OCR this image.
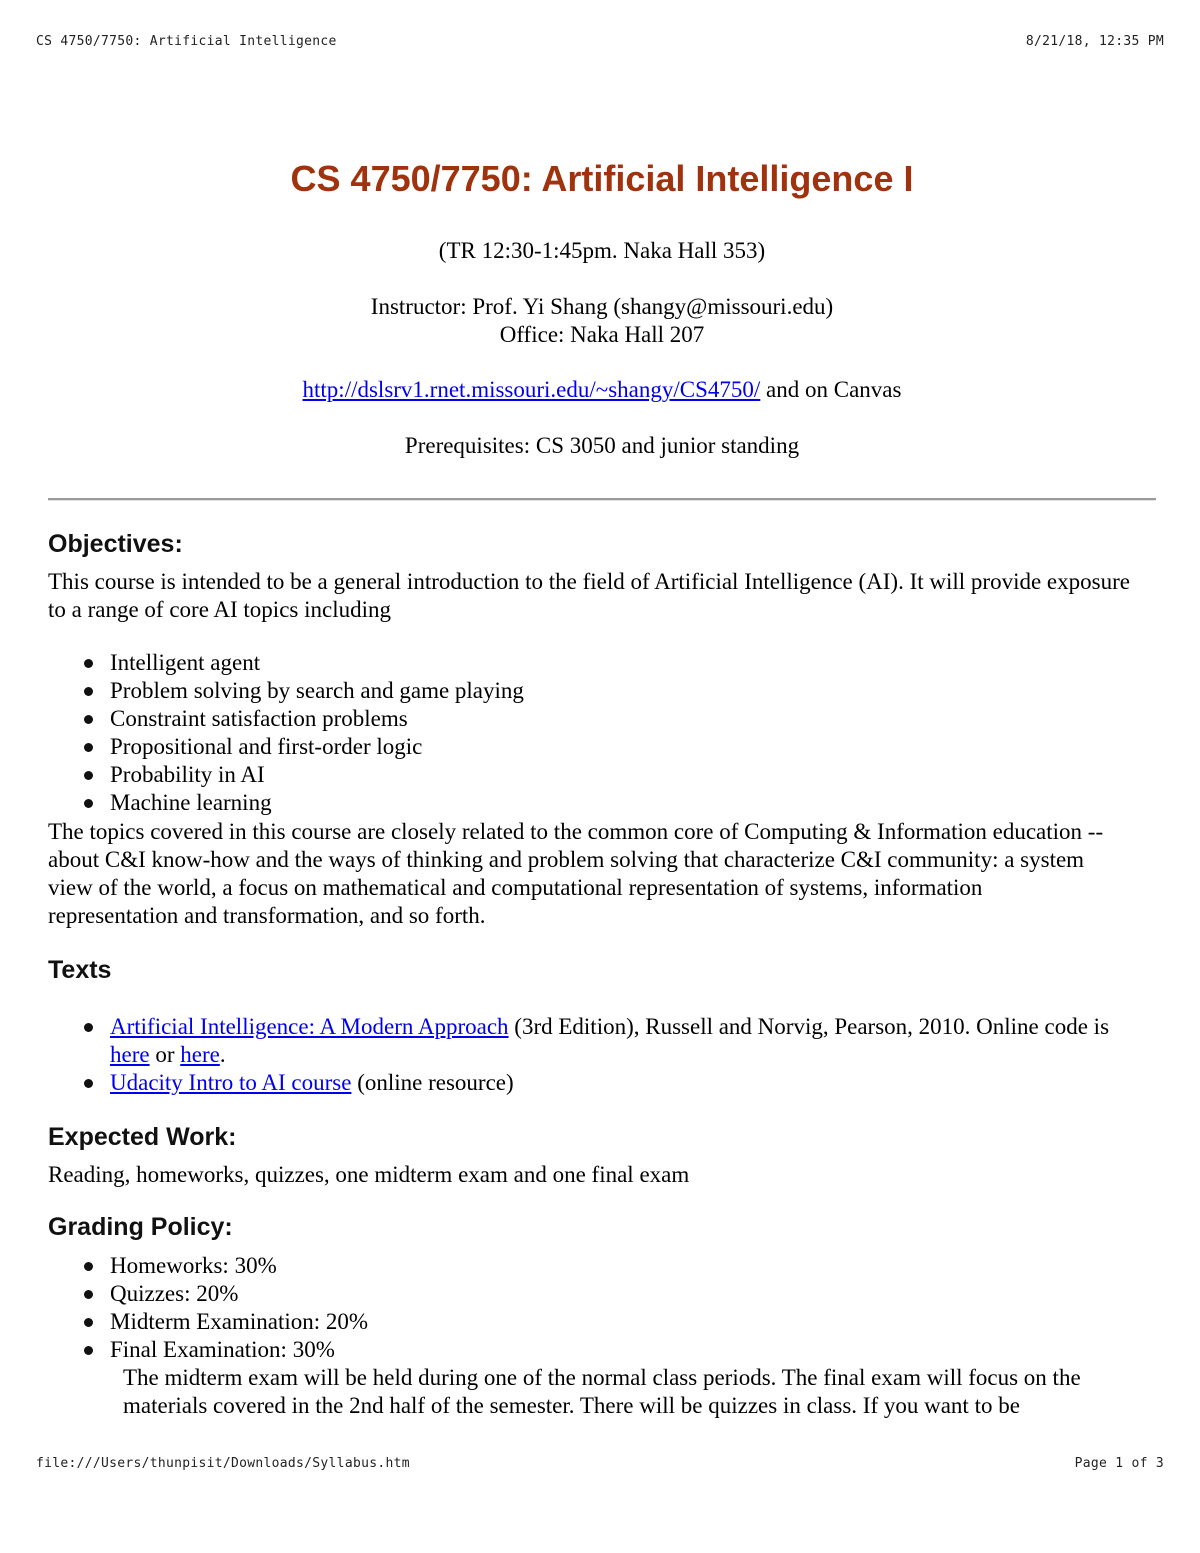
CS 4750/7750: Artificial Intelligence	8/21/18, 12:35 PM
CS 4750/7750: Artificial Intelligence I
(TR 12:30-1:45pm. Naka Hall 353)
Instructor: Prof. Yi Shang (shangy@missouri.edu)
Office: Naka Hall 207
http://dslsrv1.rnet.missouri.edu/~shangy/CS4750/ and on Canvas
Prerequisites: CS 3050 and junior standing
Objectives:

This course is intended to be a general introduction to the field of Artificial Intelligence (AI). It will provide exposure to a range of core AI topics including

Intelligent agent
Problem solving by search and game playing
Constraint satisfaction problems
Propositional and first-order logic
Probability in AI
Machine learning

The topics covered in this course are closely related to the common core of Computing & Information education -- about C&I know-how and the ways of thinking and problem solving that characterize C&I community: a system view of the world, a focus on mathematical and computational representation of systems, information representation and transformation, and so forth.

Texts
Artificial Intelligence: A Modern Approach (3rd Edition), Russell and Norvig, Pearson, 2010. Online code is here or here.
Udacity Intro to AI course (online resource)
Expected Work:

Reading, homeworks, quizzes, one midterm exam and one final exam

Grading Policy:
Homeworks: 30%
Quizzes: 20%
Midterm Examination: 20%
Final Examination: 30%

The midterm exam will be held during one of the normal class periods. The final exam will focus on the materials covered in the 2nd half of the semester. There will be quizzes in class. If you want to be

file:///Users/thunpisit/Downloads/Syllabus.htm	Page 1 of 3
